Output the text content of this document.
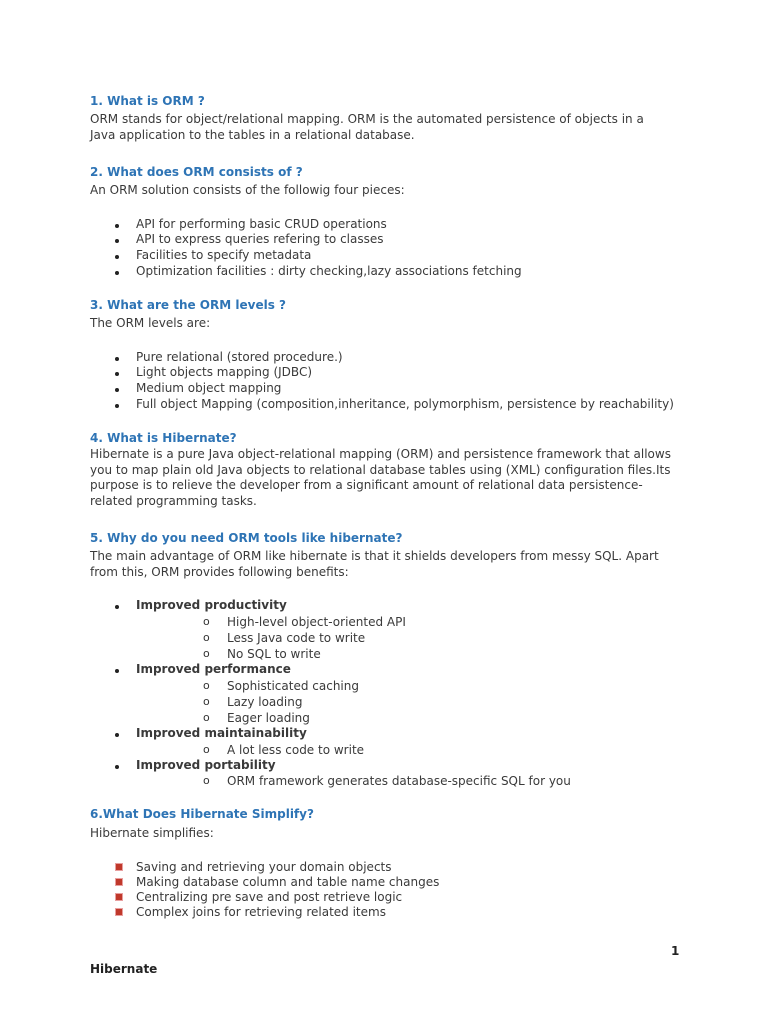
1. What is ORM ?

ORM stands for object/relational mapping. ORM is the automated persistence of objects in a Java application to the tables in a relational database.

2. What does ORM consists of ?

An ORM solution consists of the followig four pieces:

API for performing basic CRUD operations
API to express queries refering to classes
Facilities to specify metadata
Optimization facilities : dirty checking,lazy associations fetching
3. What are the ORM levels ?

The ORM levels are:

Pure relational (stored procedure.)
Light objects mapping (JDBC)
Medium object mapping
Full object Mapping (composition,inheritance, polymorphism, persistence by reachability)
4. What is Hibernate?

Hibernate is a pure Java object-relational mapping (ORM) and persistence framework that allows you to map plain old Java objects to relational database tables using (XML) configuration files.Its purpose is to relieve the developer from a significant amount of relational data persistence-related programming tasks.

5. Why do you need ORM tools like hibernate?

The main advantage of ORM like hibernate is that it shields developers from messy SQL. Apart from this, ORM provides following benefits:

Improved productivity
o High-level object-oriented API
o Less Java code to write
o No SQL to write
Improved performance
o Sophisticated caching
o Lazy loading
o Eager loading
Improved maintainability
o A lot less code to write
Improved portability
o ORM framework generates database-specific SQL for you
6.What Does Hibernate Simplify?

Hibernate simplifies:

Saving and retrieving your domain objects
Making database column and table name changes
Centralizing pre save and post retrieve logic
Complex joins for retrieving related items
1
Hibernate
